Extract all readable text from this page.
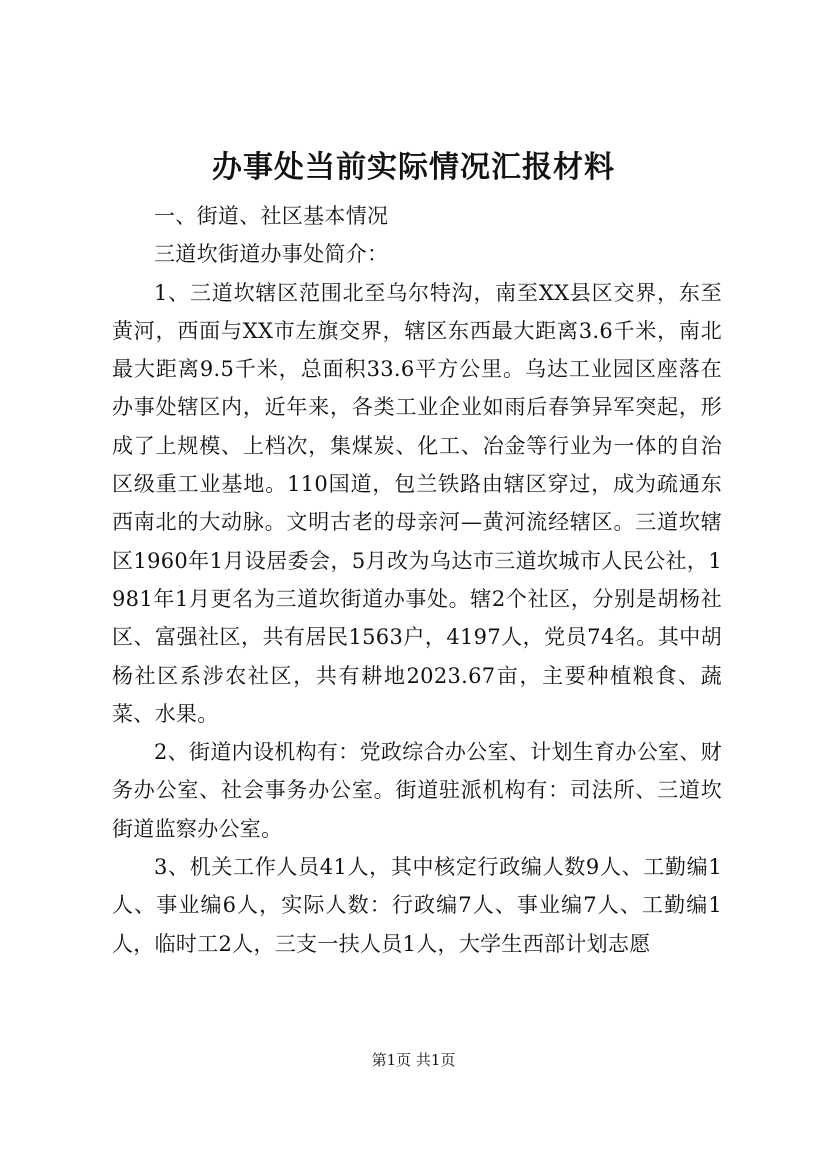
办事处当前实际情况汇报材料

一、街道、社区基本情况

三道坎街道办事处简介：

1、三道坎辖区范围北至乌尔特沟，南至XX县区交界，东至黄河，西面与XX市左旗交界，辖区东西最大距离3.6千米，南北最大距离9.5千米，总面积33.6平方公里。乌达工业园区座落在办事处辖区内，近年来，各类工业企业如雨后春笋异军突起，形成了上规模、上档次，集煤炭、化工、冶金等行业为一体的自治区级重工业基地。110国道，包兰铁路由辖区穿过，成为疏通东西南北的大动脉。文明古老的母亲河—黄河流经辖区。三道坎辖区1960年1月设居委会，5月改为乌达市三道坎城市人民公社，1981年1月更名为三道坎街道办事处。辖2个社区，分别是胡杨社区、富强社区，共有居民1563户，4197人，党员74名。其中胡杨社区系涉农社区，共有耕地2023.67亩，主要种植粮食、蔬菜、水果。

2、街道内设机构有：党政综合办公室、计划生育办公室、财务办公室、社会事务办公室。街道驻派机构有：司法所、三道坎街道监察办公室。

3、机关工作人员41人，其中核定行政编人数9人、工勤编1人、事业编6人，实际人数：行政编7人、事业编7人、工勤编1人，临时工2人，三支一扶人员1人，大学生西部计划志愿

第1页 共1页
